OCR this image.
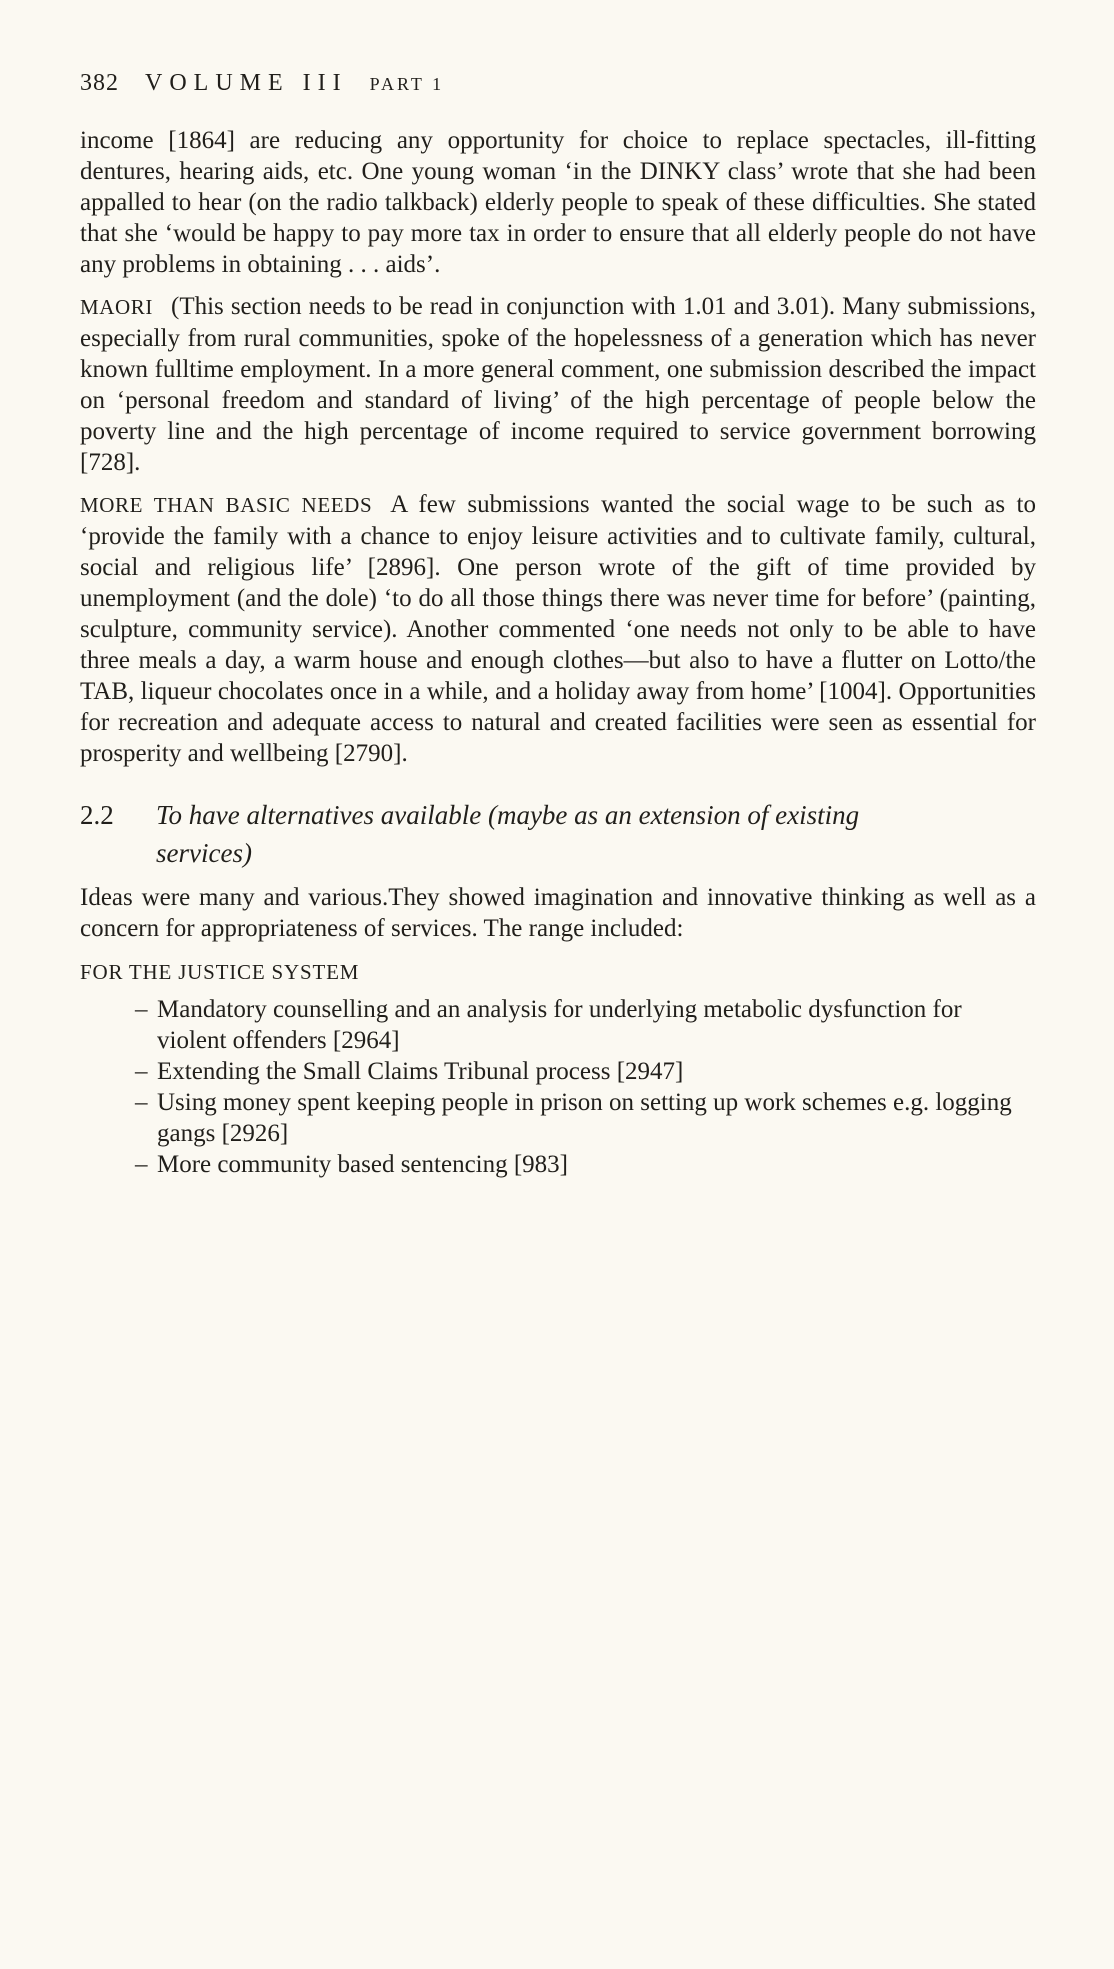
382 VOLUME III PART 1

income [1864] are reducing any opportunity for choice to replace spectacles, ill-fitting dentures, hearing aids, etc. One young woman ‘in the DINKY class’ wrote that she had been appalled to hear (on the radio talkback) elderly people to speak of these difficulties. She stated that she ‘would be happy to pay more tax in order to ensure that all elderly people do not have any problems in obtaining . . . aids’.

MAORI (This section needs to be read in conjunction with 1.01 and 3.01). Many submissions, especially from rural communities, spoke of the hopelessness of a generation which has never known fulltime employment. In a more general comment, one submission described the impact on ‘personal freedom and standard of living’ of the high percentage of people below the poverty line and the high percentage of income required to service government borrowing [728].

MORE THAN BASIC NEEDS A few submissions wanted the social wage to be such as to ‘provide the family with a chance to enjoy leisure activities and to cultivate family, cultural, social and religious life’ [2896]. One person wrote of the gift of time provided by unemployment (and the dole) ‘to do all those things there was never time for before’ (painting, sculpture, community service). Another commented ‘one needs not only to be able to have three meals a day, a warm house and enough clothes—but also to have a flutter on Lotto/the TAB, liqueur chocolates once in a while, and a holiday away from home’ [1004]. Opportunities for recreation and adequate access to natural and created facilities were seen as essential for prosperity and wellbeing [2790].

2.2	To have alternatives available (maybe as an extension of existing services)

Ideas were many and various.They showed imagination and innovative thinking as well as a concern for appropriateness of services. The range included:

FOR THE JUSTICE SYSTEM

– Mandatory counselling and an analysis for underlying metabolic dysfunction for violent offenders [2964]
– Extending the Small Claims Tribunal process [2947]
– Using money spent keeping people in prison on setting up work schemes e.g. logging gangs [2926]
– More community based sentencing [983]
